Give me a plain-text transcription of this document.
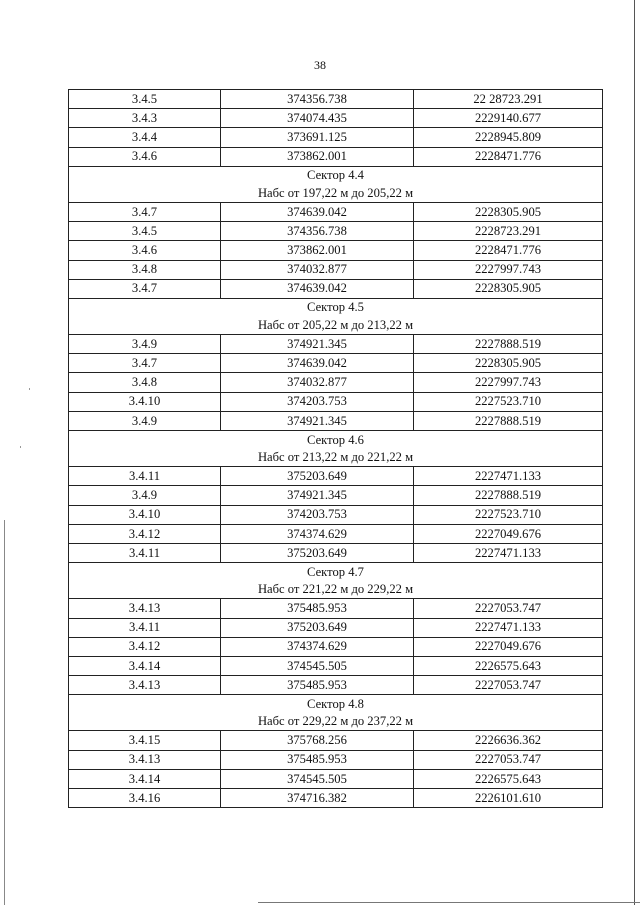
38
3.4.5	374356.738	22 28723.291
3.4.3	374074.435	2229140.677
3.4.4	373691.125	2228945.809
3.4.6	373862.001	2228471.776
Сектор 4.4		
Набс от 197,22 м до 205,22 м		
3.4.7	374639.042	2228305.905
3.4.5	374356.738	2228723.291
3.4.6	373862.001	2228471.776
3.4.8	374032.877	2227997.743
3.4.7	374639.042	2228305.905
Сектор 4.5		
Набс от 205,22 м до 213,22 м		
3.4.9	374921.345	2227888.519
3.4.7	374639.042	2228305.905
3.4.8	374032.877	2227997.743
3.4.10	374203.753	2227523.710
3.4.9	374921.345	2227888.519
Сектор 4.6		
Набс от 213,22 м до 221,22 м		
3.4.11	375203.649	2227471.133
3.4.9	374921.345	2227888.519
3.4.10	374203.753	2227523.710
3.4.12	374374.629	2227049.676
3.4.11	375203.649	2227471.133
Сектор 4.7		
Набс от 221,22 м до 229,22 м		
3.4.13	375485.953	2227053.747
3.4.11	375203.649	2227471.133
3.4.12	374374.629	2227049.676
3.4.14	374545.505	2226575.643
3.4.13	375485.953	2227053.747
Сектор 4.8		
Набс от 229,22 м до 237,22 м		
3.4.15	375768.256	2226636.362
3.4.13	375485.953	2227053.747
3.4.14	374545.505	2226575.643
3.4.16	374716.382	2226101.610
